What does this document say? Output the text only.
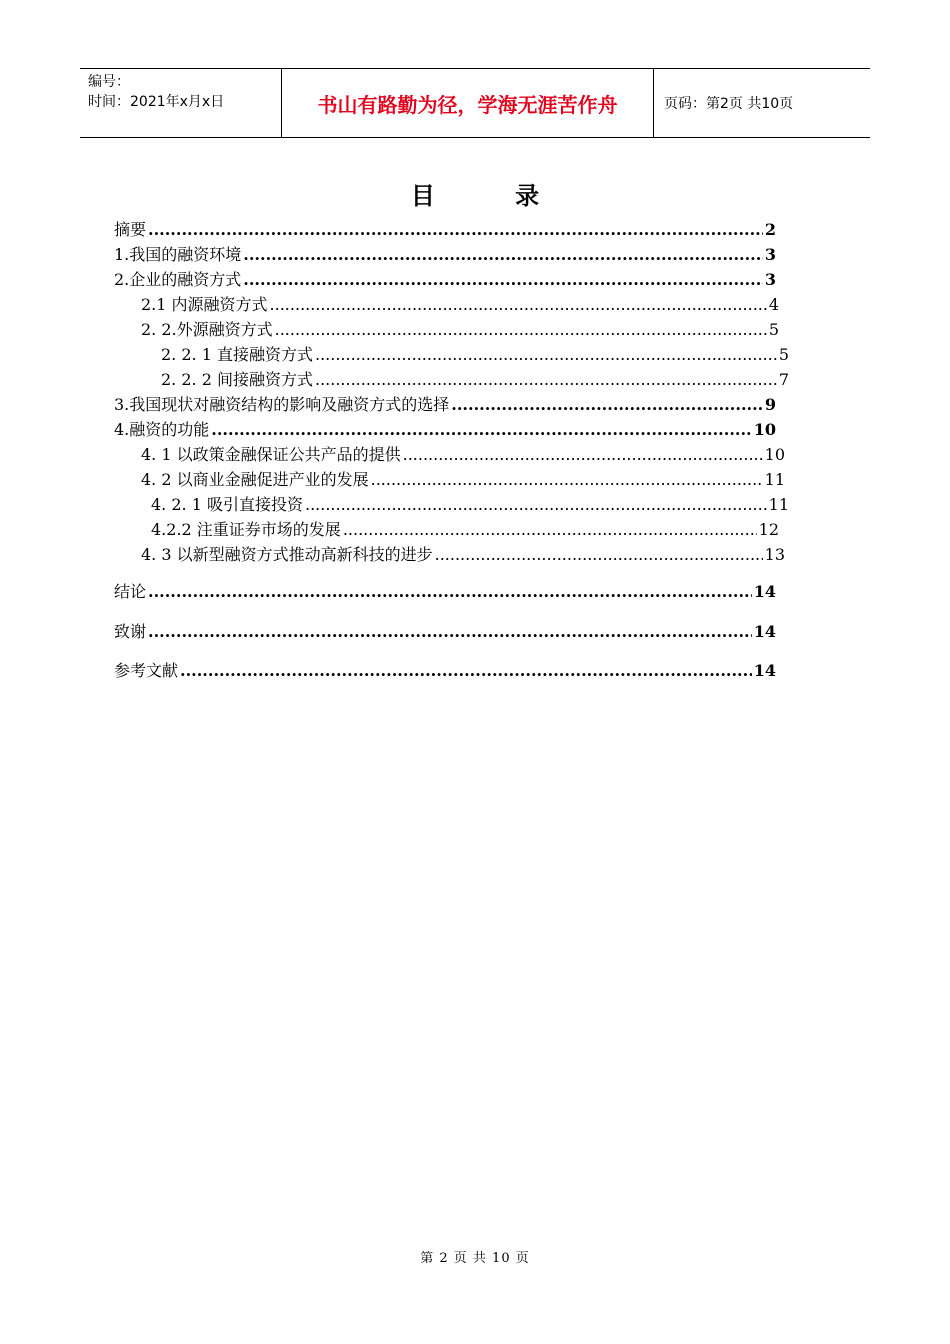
编号：
时间：2021年x月x日	书山有路勤为径，学海无涯苦作舟	页码：第2页 共10页
目 录
摘要 .....	2
1.我国的融资环境 .....	3
2.企业的融资方式 .....	3
2.1 内源融资方式 .....	4
2. 2.外源融资方式 .....	5
2. 2. 1 直接融资方式 .....	5
2. 2. 2 间接融资方式 .....	7
3.我国现状对融资结构的影响及融资方式的选择 .....	9
4.融资的功能 .....	10
4. 1 以政策金融保证公共产品的提供 .....	10
4. 2 以商业金融促进产业的发展 .....	11
4. 2. 1 吸引直接投资 .....	11
4.2.2 注重证券市场的发展 .....	12
4. 3 以新型融资方式推动高新科技的进步 .....	13
结论 .....	14
致谢 .....	14
参考文献 .....	14
第 2 页 共 10 页
